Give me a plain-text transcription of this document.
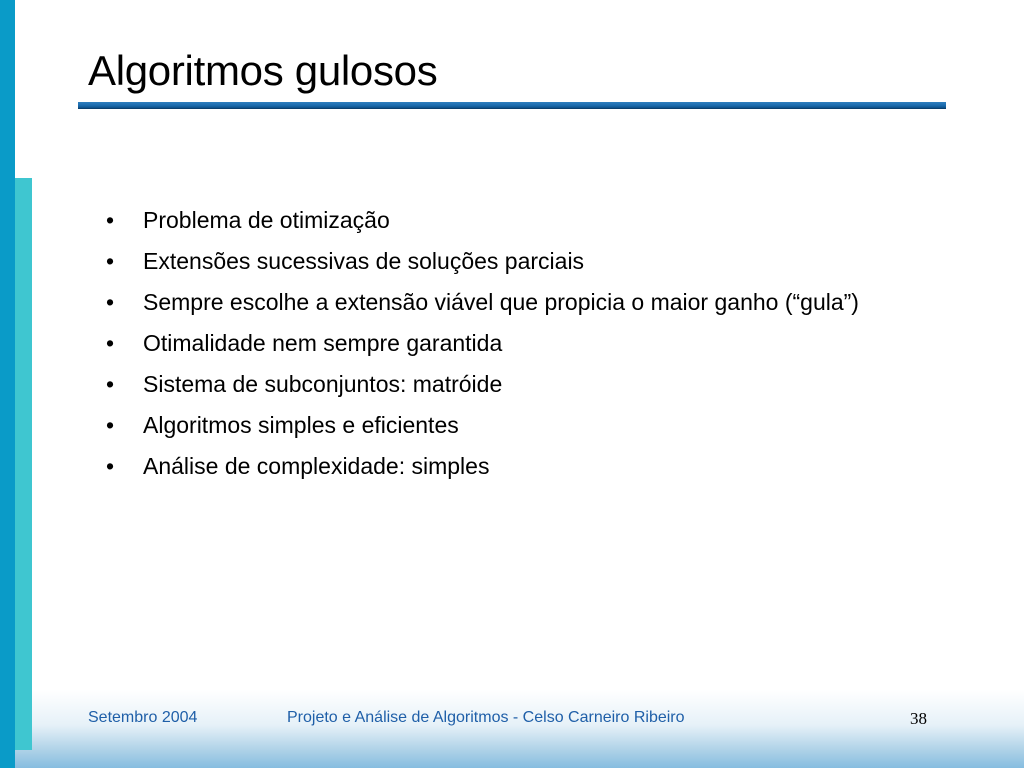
Algoritmos gulosos
• Problema de otimização
• Extensões sucessivas de soluções parciais
• Sempre escolhe a extensão viável que propicia o maior ganho (“gula”)
• Otimalidade nem sempre garantida
• Sistema de subconjuntos: matróide
• Algoritmos simples e eficientes
• Análise de complexidade: simples
Setembro 2004	Projeto e Análise de Algoritmos - Celso Carneiro Ribeiro	38
